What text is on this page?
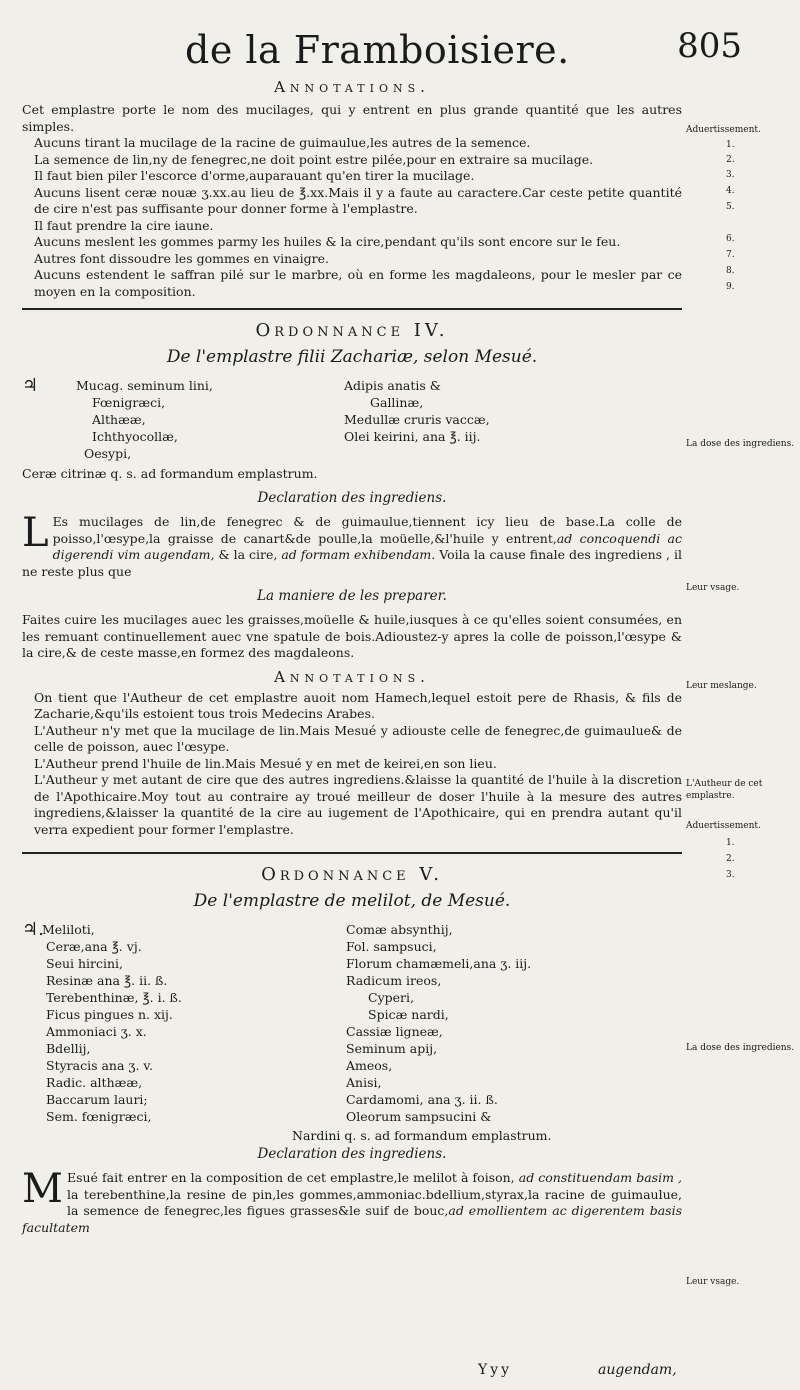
de la Framboisiere.	805
Annotations.

Cet emplastre porte le nom des mucilages, qui y entrent en plus grande quantité que les autres simples.

Aucuns tirant la mucilage de la racine de guimaulue,les autres de la semence.

La semence de lin,ny de fenegrec,ne doit point estre pilée,pour en extraire sa mucilage.

Il faut bien piler l'escorce d'orme,auparauant qu'en tirer la mucilage.

Aucuns lisent ceræ nouæ ʒ.xx.au lieu de ℥.xx.Mais il y a faute au caractere.Car ceste petite quantité de cire n'est pas suffisante pour donner forme à l'emplastre.

Il faut prendre la cire iaune.

Aucuns meslent les gommes parmy les huiles & la cire,pendant qu'ils sont encore sur le feu.

Autres font dissoudre les gommes en vinaigre.

Aucuns estendent le saffran pilé sur le marbre, où en forme les magdaleons, pour le mesler par ce moyen en la composition.

Ordonnance IV.
De l'emplastre filii Zachariæ, selon Mesué.
♃	Mucag. seminum lini,
Fœnigræci,
Althææ,
Ichthyocollæ,
Oesypi,
Adipis anatis &
Gallinæ,
Medullæ cruris vaccæ,
Olei keirini, ana ℥. iij.
Ceræ citrinæ q. s. ad formandum emplastrum.
Declaration des ingrediens.
L Es mucilages de lin,de fenegrec & de guimaulue,tiennent icy lieu de base.La colle de poisso,l'œsype,la graisse de canart&de poulle,la moüelle,&l'huile y entrent,ad concoquendi ac digerendi vim augendam, & la cire, ad formam exhibendam. Voila la cause finale des ingrediens , il ne reste plus que
La maniere de les preparer.
Faites cuire les mucilages auec les graisses,moüelle & huile,iusques à ce qu'elles soient consumées, en les remuant continuellement auec vne spatule de bois.Adioustez-y apres la colle de poisson,l'œsype & la cire,& de ceste masse,en formez des magdaleons.
Annotations.

On tient que l'Autheur de cet emplastre auoit nom Hamech,lequel estoit pere de Rhasis, & fils de Zacharie,&qu'ils estoient tous trois Medecins Arabes.

L'Autheur n'y met que la mucilage de lin.Mais Mesué y adiouste celle de fenegrec,de guimaulue& de celle de poisson, auec l'œsype.

L'Autheur prend l'huile de lin.Mais Mesué y en met de keirei,en son lieu.

L'Autheur y met autant de cire que des autres ingrediens.&laisse la quantité de l'huile à la discretion de l'Apothicaire.Moy tout au contraire ay troué meilleur de doser l'huile à la mesure des autres ingrediens,&laisser la quantité de la cire au iugement de l'Apothicaire, qui en prendra autant qu'il verra expedient pour former l'emplastre.

Ordonnance V.
De l'emplastre de melilot, de Mesué.
♃.
Meliloti,
Ceræ,ana ℥. vj.
Seui hircini,
Resinæ ana ℥. ii. ß.
Terebenthinæ, ℥. i. ß.
Ficus pingues n. xij.
Ammoniaci ʒ. x.
Bdellij,
Styracis ana ʒ. v.
Radic. althææ,
Baccarum lauri;
Sem. fœnigræci,
Comæ absynthij,
Fol. sampsuci,
Florum chamæmeli,ana ʒ. iij.
Radicum ireos,
Cyperi,
Spicæ nardi,
Cassiæ ligneæ,
Seminum apij,
Ameos,
Anisi,
Cardamomi, ana ʒ. ii. ß.
Oleorum sampsucini &
Nardini q. s. ad formandum emplastrum.
Declaration des ingrediens.
M Esué fait entrer en la composition de cet emplastre,le melilot à foison, ad constituendam basim , la terebenthine,la resine de pin,les gommes,ammoniac.bdellium,styrax,la racine de guimaulue, la semence de fenegrec,les figues grasses&le suif de bouc,ad emollientem ac digerentem basis facultatem
Aduertissement.
1.
2.
3.
4.
5.
6.
7.
8.
9.
La dose des ingrediens.
Leur vsage.
Leur meslange.
L'Autheur de cet emplastre.
Aduertissement.
1.
2.
3.
La dose des ingrediens.
Leur vsage.
Yyy	augendam,
